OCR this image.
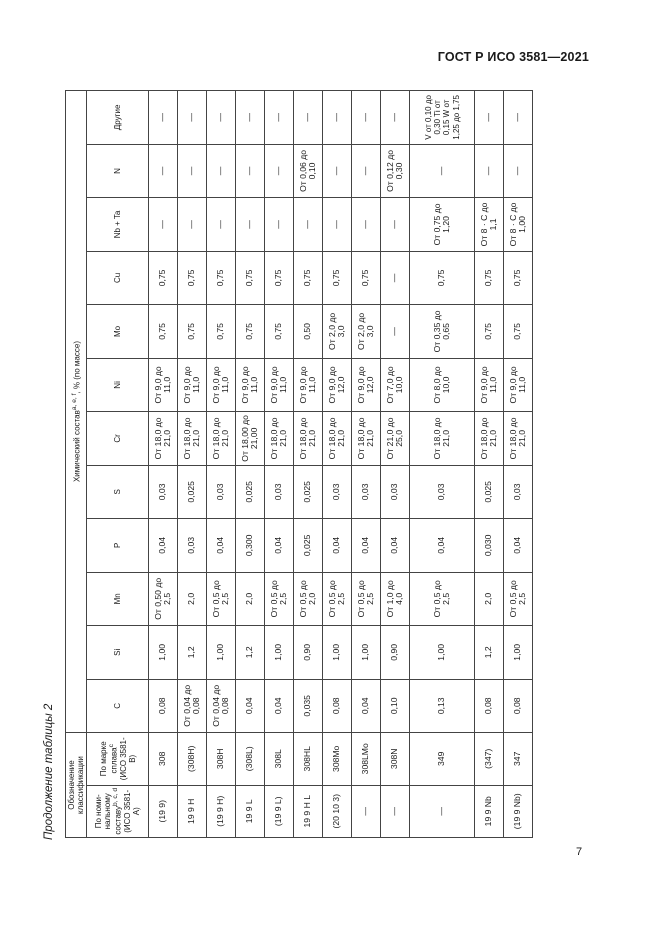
ГОСТ Р ИСО 3581—2021
Продолжение таблицы 2 Обозначение классификации		Химический состав$^{a, e, f}$, % (по массе)											
По номи-нальному составу$^{b, c, d}$ (ИСО 3581-А)	По марке сплава$^c$ (ИСО 3581-В)	C	Si	Mn	P	S	Cr	Ni	Mo	Cu	Nb + Ta	N	Другие
(19 9)	308	0,08	1,00	От 0,50 до 2,5	0,04	0,03	От 18,0 до 21,0	От 9,0 до 11,0	0,75	0,75	—	—	—
19 9 H	(308H)	От 0,04 до 0,08	1,2	2,0	0,03	0,025	От 18,0 до 21,0	От 9,0 до 11,0	0,75	0,75	—	—	—
(19 9 H)	308H	От 0,04 до 0,08	1,00	От 0,5 до 2,5	0,04	0,03	От 18,0 до 21,0	От 9,0 до 11,0	0,75	0,75	—	—	—
19 9 L	(308L)	0,04	1,2	2,0	0,300	0,025	От 18,00 до 21,00	От 9,0 до 11,0	0,75	0,75	—	—	—
(19 9 L)	308L	0,04	1,00	От 0,5 до 2,5	0,04	0,03	От 18,0 до 21,0	От 9,0 до 11,0	0,75	0,75	—	—	—
19 9 H L	308HL	0,035	0,90	От 0,5 до 2,0	0,025	0,025	От 18,0 до 21,0	От 9,0 до 11,0	0,50	0,75	—	От 0,06 до 0,10	—
(20 10 3)	308Mo	0,08	1,00	От 0,5 до 2,5	0,04	0,03	От 18,0 до 21,0	От 9,0 до 12,0	От 2,0 до 3,0	0,75	—	—	—
—	308LMo	0,04	1,00	От 0,5 до 2,5	0,04	0,03	От 18,0 до 21,0	От 9,0 до 12,0	От 2,0 до 3,0	0,75	—	—	—
—	308N	0,10	0,90	От 1,0 до 4,0	0,04	0,03	От 21,0 до 25,0	От 7,0 до 10,0	—	—	—	От 0,12 до 0,30	—
—	349	0,13	1,00	От 0,5 до 2,5	0,04	0,03	От 18,0 до 21,0	От 8,0 до 10,0	От 0,35 до 0,65	0,75	От 0,75 до 1,20	—	V от 0,10 до 0,30 Ti от 0,15 W от 1,25 до 1,75
19 9 Nb	(347)	0,08	1,2	2,0	0,030	0,025	От 18,0 до 21,0	От 9,0 до 11,0	0,75	0,75	От 8 · C до 1,1	—	—
(19 9 Nb)	347	0,08	1,00	От 0,5 до 2,5	0,04	0,03	От 18,0 до 21,0	От 9,0 до 11,0	0,75	0,75	От 8 · C до 1,00	—	—
7
